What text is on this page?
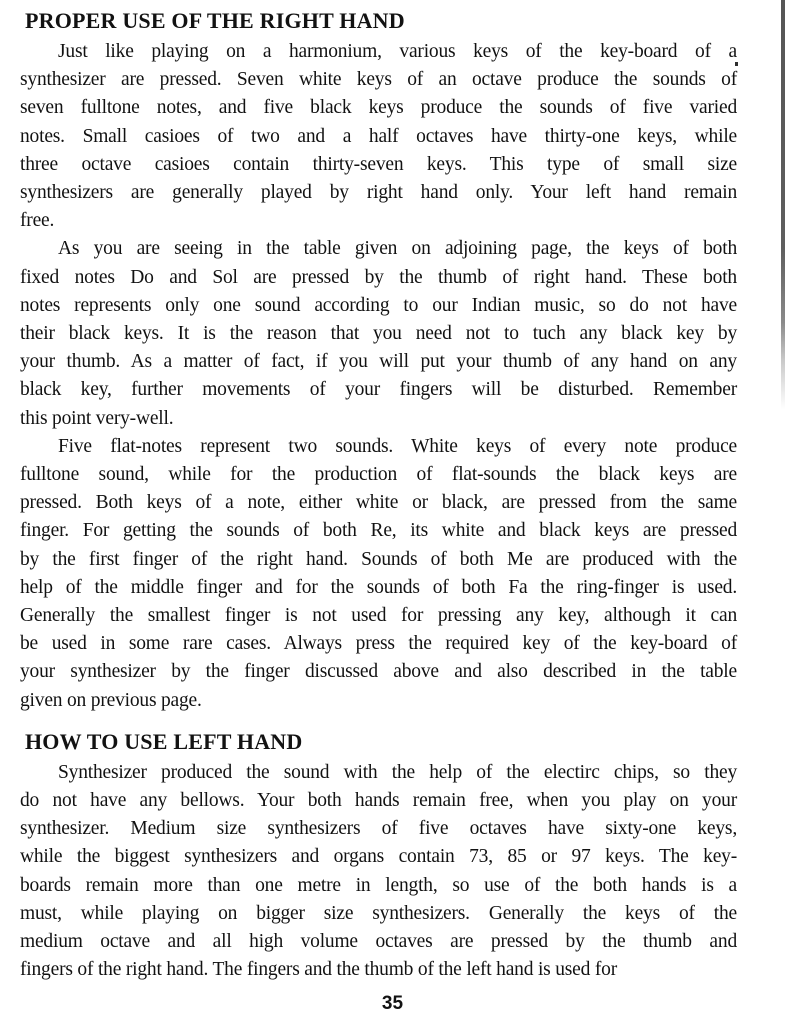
PROPER USE OF THE RIGHT HAND
Just like playing on a harmonium, various keys of the key-board of a
synthesizer are pressed. Seven white keys of an octave produce the sounds of
seven fulltone notes, and five black keys produce the sounds of five varied
notes. Small casioes of two and a half octaves have thirty-one keys, while
three octave casioes contain thirty-seven keys. This type of small size
synthesizers are generally played by right hand only. Your left hand remain
free.
As you are seeing in the table given on adjoining page, the keys of both
fixed notes Do and Sol are pressed by the thumb of right hand. These both
notes represents only one sound according to our Indian music, so do not have
their black keys. It is the reason that you need not to tuch any black key by
your thumb. As a matter of fact, if you will put your thumb of any hand on any
black key, further movements of your fingers will be disturbed. Remember
this point very-well.
Five flat-notes represent two sounds. White keys of every note produce
fulltone sound, while for the production of flat-sounds the black keys are
pressed. Both keys of a note, either white or black, are pressed from the same
finger. For getting the sounds of both Re, its white and black keys are pressed
by the first finger of the right hand. Sounds of both Me are produced with the
help of the middle finger and for the sounds of both Fa the ring-finger is used.
Generally the smallest finger is not used for pressing any key, although it can
be used in some rare cases. Always press the required key of the key-board of
your synthesizer by the finger discussed above and also described in the table
given on previous page.
HOW TO USE LEFT HAND
Synthesizer produced the sound with the help of the electirc chips, so they
do not have any bellows. Your both hands remain free, when you play on your
synthesizer. Medium size synthesizers of five octaves have sixty-one keys,
while the biggest synthesizers and organs contain 73, 85 or 97 keys. The key-
boards remain more than one metre in length, so use of the both hands is a
must, while playing on bigger size synthesizers. Generally the keys of the
medium octave and all high volume octaves are pressed by the thumb and
fingers of the right hand. The fingers and the thumb of the left hand is used for
35
